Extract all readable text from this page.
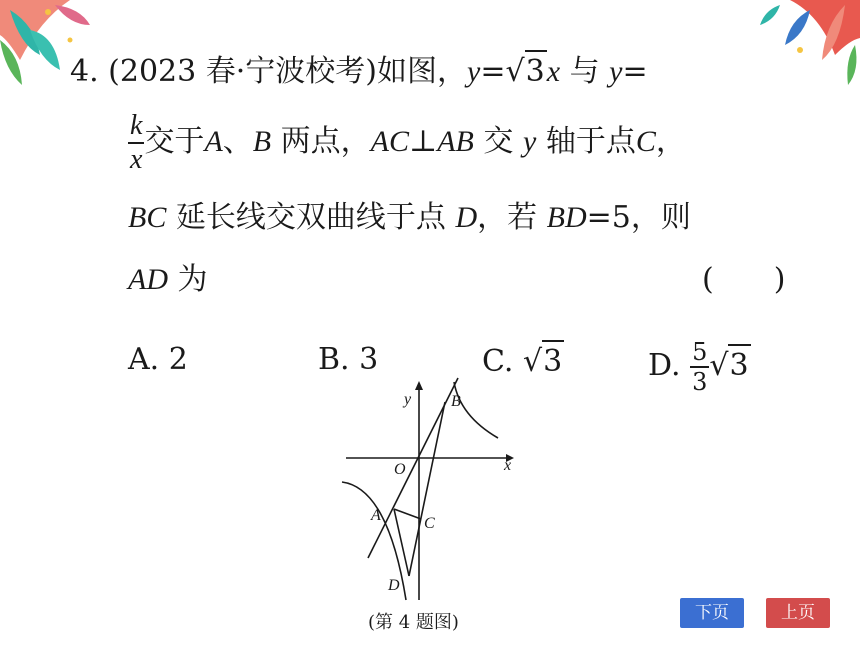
4. (2023 春·宁波校考)如图，y=√3x 与 y=
$\frac{k}{x}$ 交于A、B 两点，AC⊥AB 交 y 轴于点C，
BC 延长线交双曲线于点 D，若 BD=5，则
AD 为	(　　)
A. 2	B. 3	C. √3	D. $\frac{5}{3} √3$
y
x
O
B
A	C
D
(第 4 题图)	下页	上页
